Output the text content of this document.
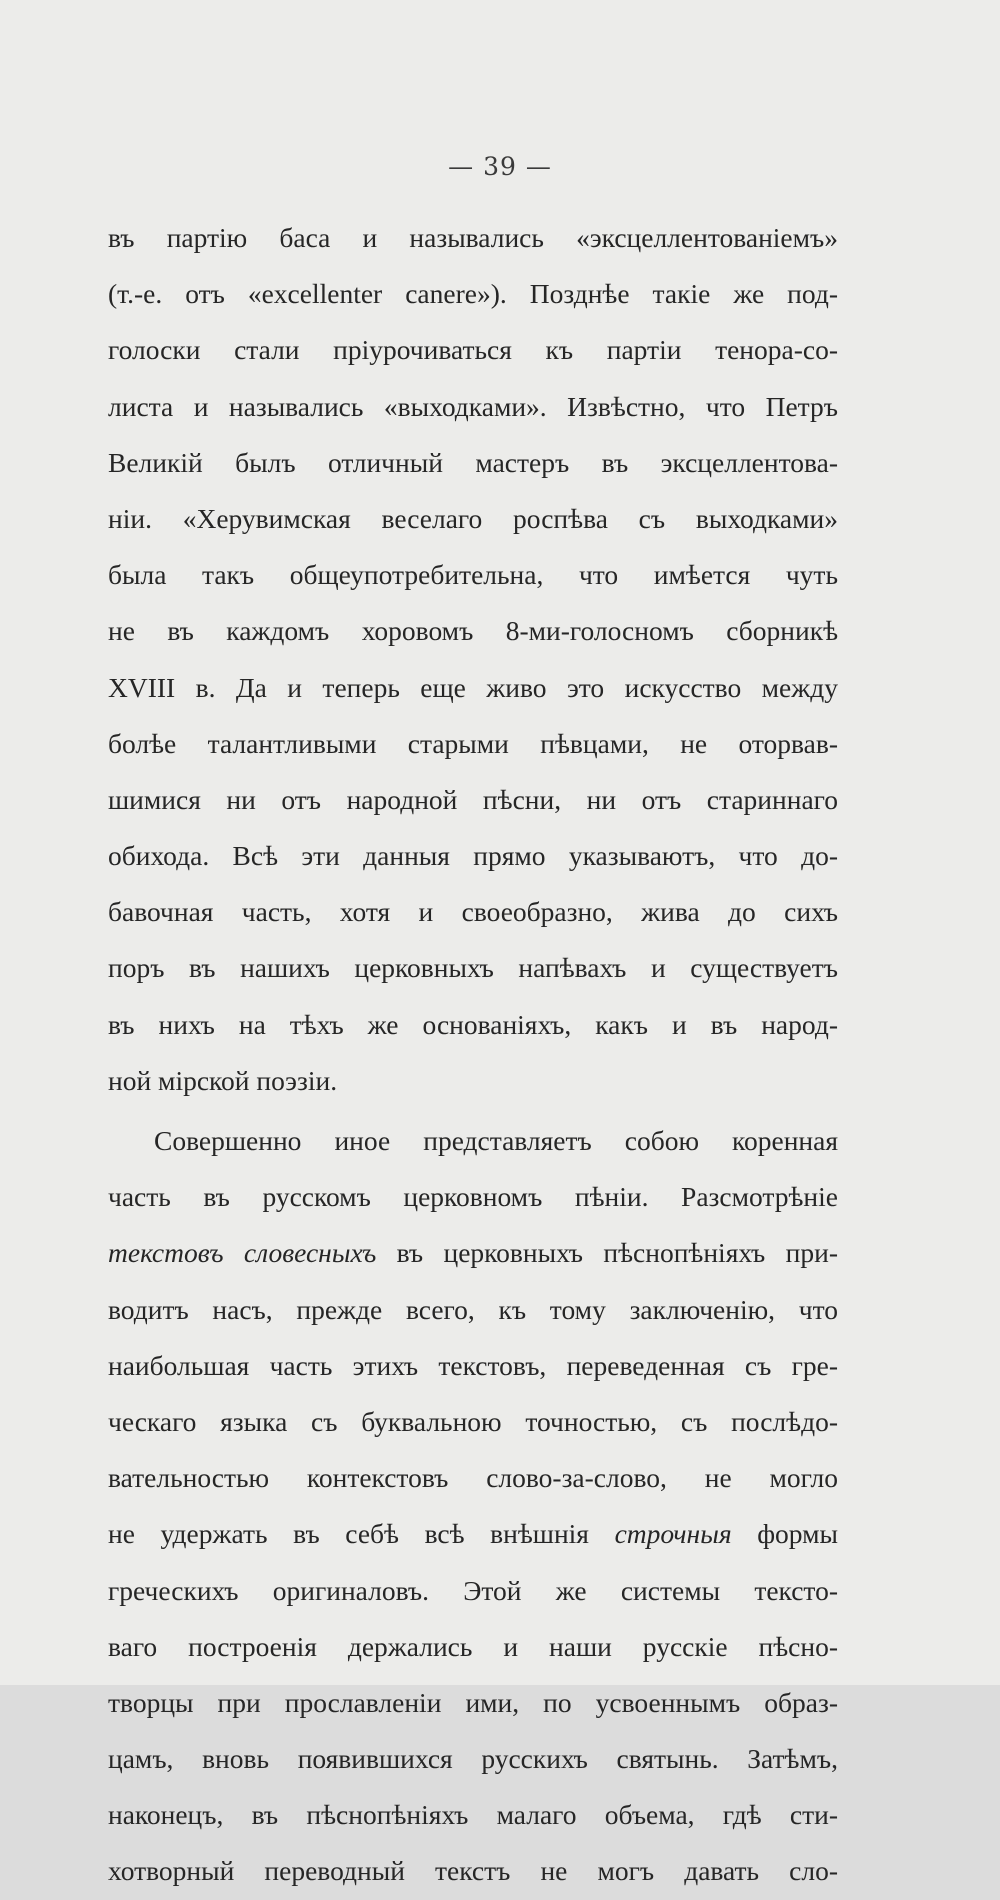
— 39 —
въ партію баса и назывались «эксцеллентованіемъ»
(т.-е. отъ «excellenter canere»). Позднѣе такіе же под-
голоски стали пріурочиваться къ партіи тенора-со-
листа и назывались «выходками». Извѣстно, что Петръ
Великій былъ отличный мастеръ въ эксцеллентова-
ніи. «Херувимская веселаго роспѣва съ выходками»
была такъ общеупотребительна, что имѣется чуть
не въ каждомъ хоровомъ 8-ми-голосномъ сборникѣ
XVIII в. Да и теперь еще живо это искусство между
болѣе талантливыми старыми пѣвцами, не оторвав-
шимися ни отъ народной пѣсни, ни отъ стариннаго
обихода. Всѣ эти данныя прямо указываютъ, что до-
бавочная часть, хотя и своеобразно, жива до сихъ
поръ въ нашихъ церковныхъ напѣвахъ и существуетъ
въ нихъ на тѣхъ же основаніяхъ, какъ и въ народ-
ной мірской поэзіи.
Совершенно иное представляетъ собою коренная
часть въ русскомъ церковномъ пѣніи. Разсмотрѣніе
текстовъ словесныхъ въ церковныхъ пѣснопѣніяхъ при-
водитъ насъ, прежде всего, къ тому заключенію, что
наибольшая часть этихъ текстовъ, переведенная съ гре-
ческаго языка съ буквальною точностью, съ послѣдо-
вательностью контекстовъ слово-за-слово, не могло
не удержать въ себѣ всѣ внѣшнія строчныя формы
греческихъ оригиналовъ. Этой же системы тексто-
ваго построенія держались и наши русскіе пѣсно-
творцы при прославленіи ими, по усвоеннымъ образ-
цамъ, вновь появившихся русскихъ святынь. Затѣмъ,
наконецъ, въ пѣснопѣніяхъ малаго объема, гдѣ сти-
хотворный переводный текстъ не могъ давать сло-
